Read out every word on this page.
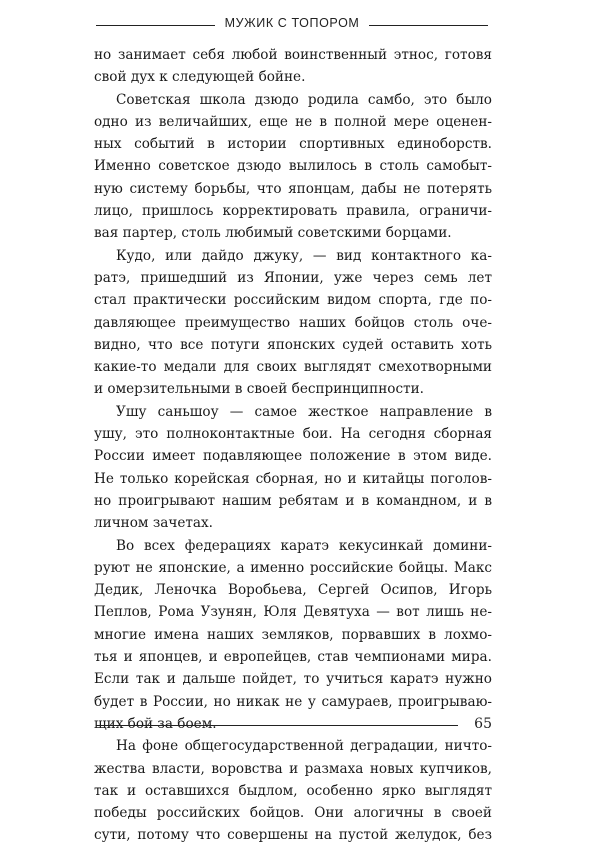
МУЖИК С ТОПОРОМ
но занимает себя любой воинственный этнос, готовя
свой дух к следующей бойне.
Советская школа дзюдо родила самбо, это было
одно из величайших, еще не в полной мере оценен-
ных событий в истории спортивных единоборств.
Именно советское дзюдо вылилось в столь самобыт-
ную систему борьбы, что японцам, дабы не потерять
лицо, пришлось корректировать правила, ограничи-
вая партер, столь любимый советскими борцами.
Кудо, или дайдо джуку, — вид контактного ка-
ратэ, пришедший из Японии, уже через семь лет
стал практически российским видом спорта, где по-
давляющее преимущество наших бойцов столь оче-
видно, что все потуги японских судей оставить хоть
какие-то медали для своих выглядят смехотворными
и омерзительными в своей беспринципности.
Ушу саньшоу — самое жесткое направление в
ушу, это полноконтактные бои. На сегодня сборная
России имеет подавляющее положение в этом виде.
Не только корейская сборная, но и китайцы поголов-
но проигрывают нашим ребятам и в командном, и в
личном зачетах.
Во всех федерациях каратэ кекусинкай домини-
руют не японские, а именно российские бойцы. Макс
Дедик, Леночка Воробьева, Сергей Осипов, Игорь
Пеплов, Рома Узунян, Юля Девятуха — вот лишь не-
многие имена наших земляков, порвавших в лохмо-
тья и японцев, и европейцев, став чемпионами мира.
Если так и дальше пойдет, то учиться каратэ нужно
будет в России, но никак не у самураев, проигрываю-
щих бой за боем.
На фоне общегосударственной деградации, ничто-
жества власти, воровства и размаха новых купчиков,
так и оставшихся быдлом, особенно ярко выглядят
победы российских бойцов. Они алогичны в своей
сути, потому что совершены на пустой желудок, без
65
